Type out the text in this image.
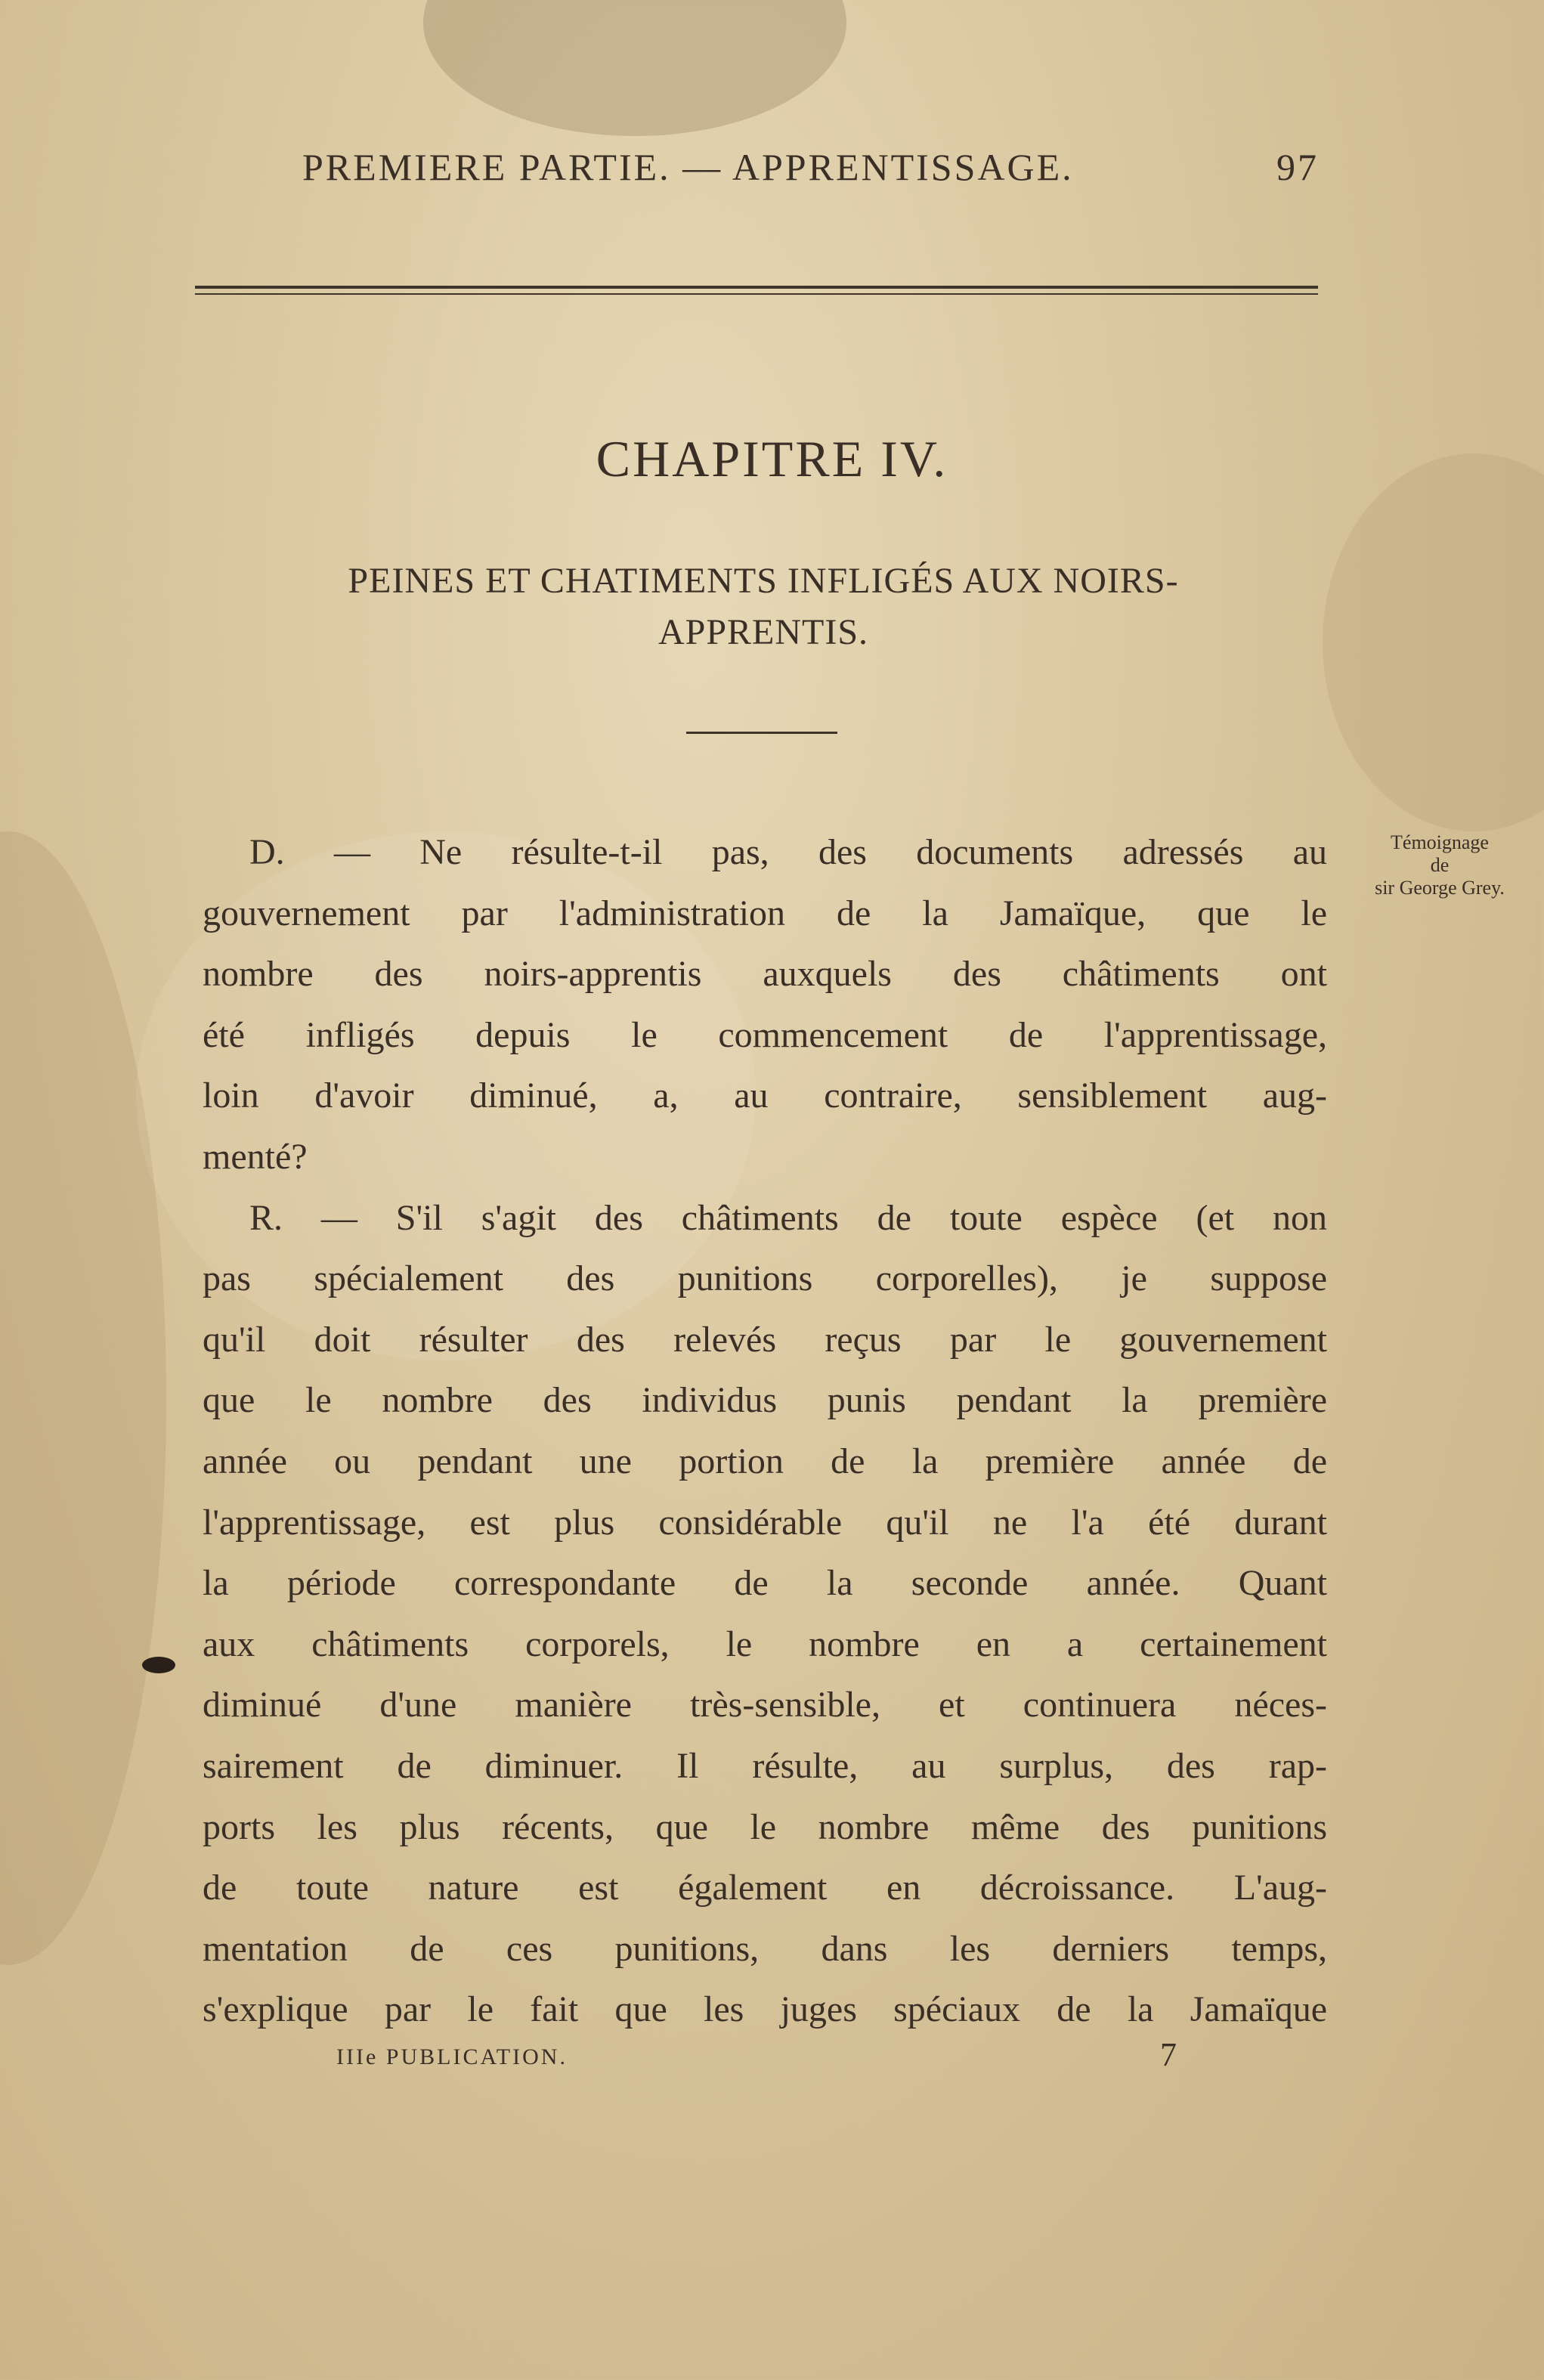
PREMIERE PARTIE. — APPRENTISSAGE.	97
CHAPITRE IV.
PEINES ET CHATIMENTS INFLIGÉS AUX NOIRS-
APPRENTIS.
Témoignage
de
sir George Grey.
D. — Ne résulte-t-il pas, des documents adressés au
gouvernement par l'administration de la Jamaïque, que le
nombre des noirs-apprentis auxquels des châtiments ont
été infligés depuis le commencement de l'apprentissage,
loin d'avoir diminué, a, au contraire, sensiblement aug-
menté?
R. — S'il s'agit des châtiments de toute espèce (et non
pas spécialement des punitions corporelles), je suppose
qu'il doit résulter des relevés reçus par le gouvernement
que le nombre des individus punis pendant la première
année ou pendant une portion de la première année de
l'apprentissage, est plus considérable qu'il ne l'a été durant
la période correspondante de la seconde année. Quant
aux châtiments corporels, le nombre en a certainement
diminué d'une manière très-sensible, et continuera néces-
sairement de diminuer. Il résulte, au surplus, des rap-
ports les plus récents, que le nombre même des punitions
de toute nature est également en décroissance. L'aug-
mentation de ces punitions, dans les derniers temps,
s'explique par le fait que les juges spéciaux de la Jamaïque
IIIe PUBLICATION.	7
